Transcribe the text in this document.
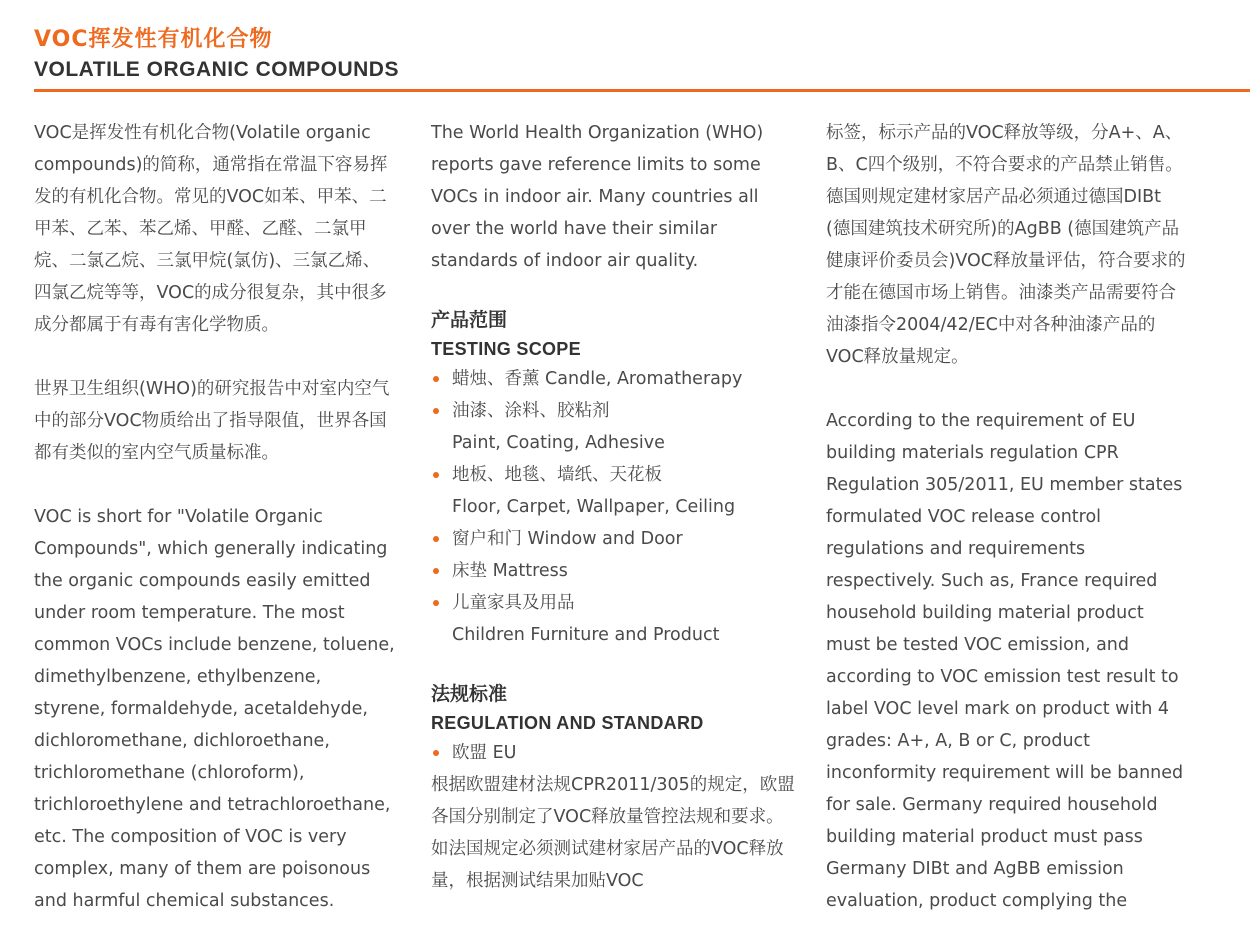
VOC挥发性有机化合物
VOLATILE ORGANIC COMPOUNDS

VOC是挥发性有机化合物(Volatile organic compounds)的简称，通常指在常温下容易挥发的有机化合物。常见的VOC如苯、甲苯、二甲苯、乙苯、苯乙烯、甲醛、乙醛、二氯甲烷、二氯乙烷、三氯甲烷(氯仿)、三氯乙烯、四氯乙烷等等，VOC的成分很复杂，其中很多成分都属于有毒有害化学物质。

世界卫生组织(WHO)的研究报告中对室内空气中的部分VOC物质给出了指导限值，世界各国都有类似的室内空气质量标准。

VOC is short for "Volatile Organic Compounds", which generally indicating the organic compounds easily emitted under room temperature. The most common VOCs include benzene, toluene, dimethylbenzene, ethylbenzene, styrene, formaldehyde, acetaldehyde, dichloromethane, dichloroethane, trichloromethane (chloroform), trichloroethylene and tetrachloroethane, etc. The composition of VOC is very complex, many of them are poisonous and harmful chemical substances.

The World Health Organization (WHO) reports gave reference limits to some VOCs in indoor air. Many countries all over the world have their similar standards of indoor air quality.

产品范围
TESTING SCOPE
蜡烛、香薰 Candle, Aromatherapy
油漆、涂料、胶粘剂
Paint, Coating, Adhesive
地板、地毯、墙纸、天花板
Floor, Carpet, Wallpaper, Ceiling
窗户和门 Window and Door
床垫 Mattress
儿童家具及用品
Children Furniture and Product
法规标准
REGULATION AND STANDARD
欧盟 EU

根据欧盟建材法规CPR2011/305的规定，欧盟各国分别制定了VOC释放量管控法规和要求。如法国规定必须测试建材家居产品的VOC释放量，根据测试结果加贴VOC

标签，标示产品的VOC释放等级，分A+、A、B、C四个级别，不符合要求的产品禁止销售。德国则规定建材家居产品必须通过德国DIBt (德国建筑技术研究所)的AgBB (德国建筑产品健康评价委员会)VOC释放量评估，符合要求的才能在德国市场上销售。油漆类产品需要符合油漆指令2004/42/EC中对各种油漆产品的VOC释放量规定。

According to the requirement of EU building materials regulation CPR Regulation 305/2011, EU member states formulated VOC release control regulations and requirements respectively. Such as, France required household building material product must be tested VOC emission, and according to VOC emission test result to label VOC level mark on product with 4 grades: A+, A, B or C, product inconformity requirement will be banned for sale. Germany required household building material product must pass Germany DIBt and AgBB emission evaluation, product complying the
